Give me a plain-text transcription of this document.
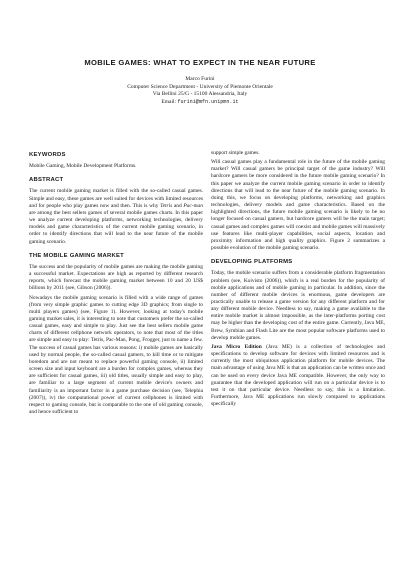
MOBILE GAMES: WHAT TO EXPECT IN THE NEAR FUTURE
Marco Furini
Computer Science Department - University of Piemonte Orientale
Via Bellini 25/G - 15100 Alessandria, Italy
Email: furini@mfn.unipmn.it
KEYWORDS

Mobile Gaming, Mobile Development Platforms.

ABSTRACT

The current mobile gaming market is filled with the so-called casual games. Simple and easy, these games are well suited for devices with limited resources and for people who play games now and then. This is why Tetris and Pac-man are among the best sellers games of several mobile games charts. In this paper we analyze current developing platforms, networking technologies, delivery models and game characteristics of the current mobile gaming scenario, in order to identify directions that will lead to the near future of the mobile gaming scenario.

THE MOBILE GAMING MARKET

The success and the popularity of mobile games are making the mobile gaming a successful market. Expectations are high as reported by different research reports, which forecast the mobile gaming market between 10 and 20 US$ billions by 2011 (see, Gibson (2006)).

Nowadays the mobile gaming scenario is filled with a wide range of games (from very simple graphic games to cutting edge 3D graphics; from single to multi players games) (see, Figure 1). However, looking at today's mobile gaming market sales, it is interesting to note that customers prefer the so-called casual games, easy and simple to play. Just see the best sellers mobile game charts of different cellphone network operators, to note that most of the titles are simple and easy to play: Tetris, Pac-Man, Pong, Frogger, just to name a few. The success of casual games has various reasons: i) mobile games are basically used by normal people, the so-called casual gamers, to kill time or to mitigate boredom and are not meant to replace powerful gaming console, ii) limited screen size and input keyboard are a burden for complex games, whereas they are sufficient for casual games, iii) old titles, usually simple and easy to play, are familiar to a large segment of current mobile device's owners and familiarity is an important factor in a game purchase decision (see, Telephia (2007)), iv) the computational power of current cellphones is limited with respect to gaming console, but is comparable to the one of old gaming console, and hence sufficient to

support simple games.

Will casual games play a fundamental role in the future of the mobile gaming market? Will casual gamers be principal target of the game industry? Will hardcore gamers be more considered in the future mobile gaming scenario? In this paper we analyze the current mobile gaming scenario in order to identify directions that will lead to the near future of the mobile gaming scenario. In doing this, we focus on developing platforms, networking and graphics technologies, delivery models and game characteristics. Based on the highlighted directions, the future mobile gaming scenario is likely to be no longer focused on casual gamers, but hardcore gamers will be the main target; casual games and complex games will coexist and mobile games will massively use features like multi-player capabilities, social aspects, location and proximity information and high quality graphics. Figure 2 summarizes a possible evolution of the mobile gaming scenario.

DEVELOPING PLATFORMS

Today, the mobile scenario suffers from a considerable platform fragmentation problem (see, Koivisto (2006)), which is a real burden for the popularity of mobile applications and of mobile gaming in particular. In addition, since the number of different mobile devices is enormous, game developers are practically unable to release a game version for any different platform and for any different mobile device. Needless to say, making a game available to the entire mobile market is almost impossible, as the inter-platforms porting cost may be higher than the developing cost of the entire game. Currently, Java ME, Brew, Symbian and Flash Lite are the most popular software platforms used to develop mobile games.

Java Micro Edition (Java ME) is a collection of technologies and specifications to develop software for devices with limited resources and is currently the most ubiquitous application platform for mobile devices. The main advantage of using Java ME is that an application can be written once and can be used on every device Java ME compatible. However, the only way to guarantee that the developed application will run on a particular device is to test it on that particular device. Needless to say, this is a limitation. Furthermore, Java ME applications run slowly compared to applications specifically
